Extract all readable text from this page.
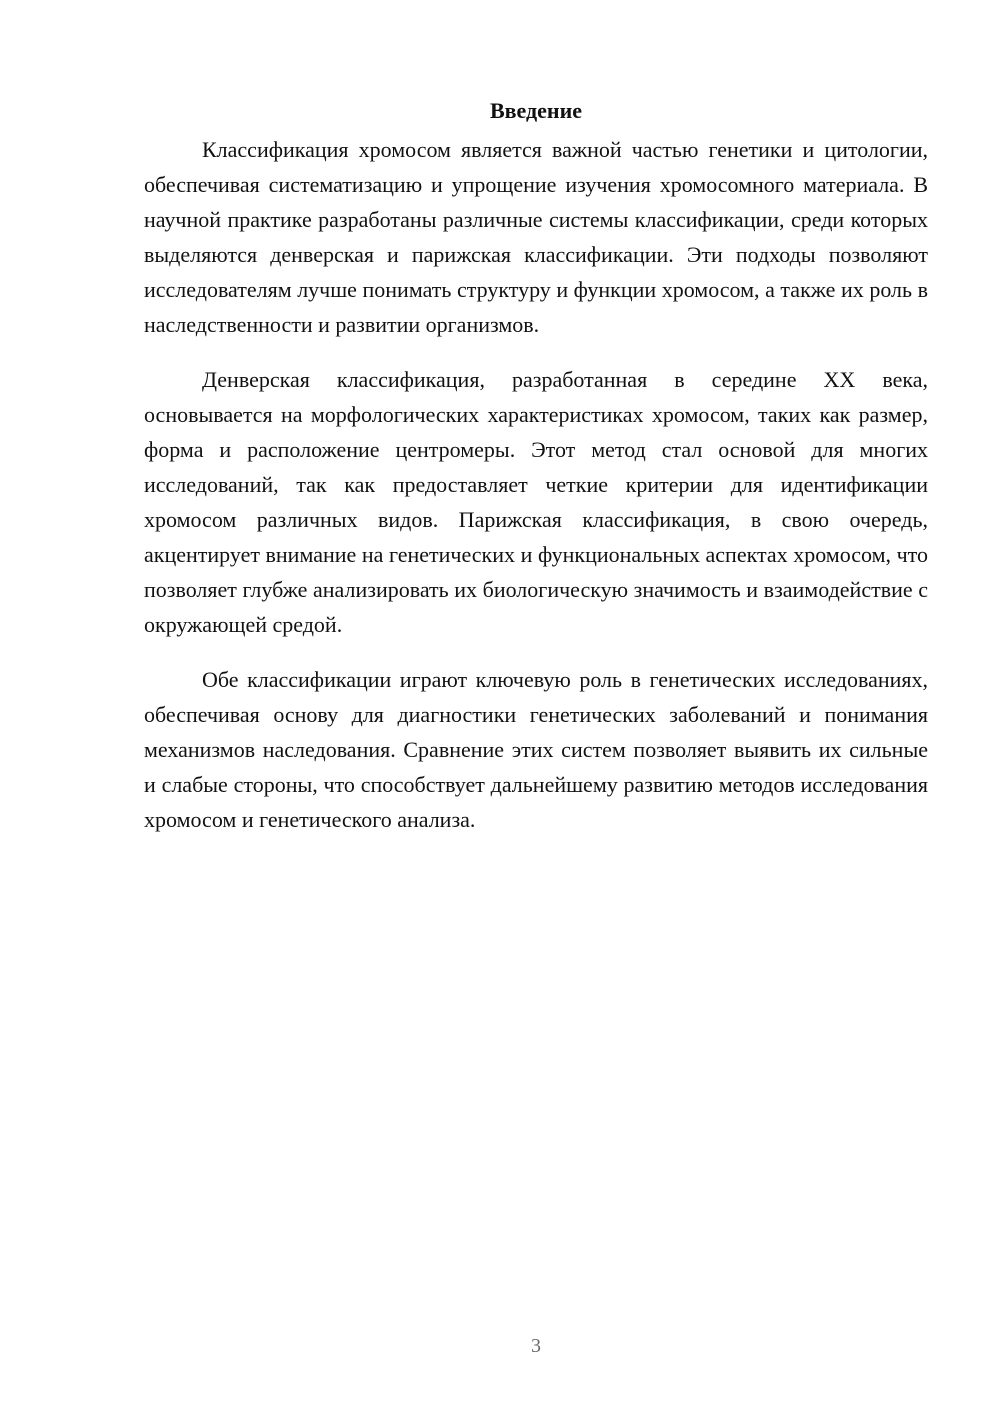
Введение

Классификация хромосом является важной частью генетики и цитологии, обеспечивая систематизацию и упрощение изучения хромосомного материала. В научной практике разработаны различные системы классификации, среди которых выделяются денверская и парижская классификации. Эти подходы позволяют исследователям лучше понимать структуру и функции хромосом, а также их роль в наследственности и развитии организмов.

Денверская классификация, разработанная в середине XX века, основывается на морфологических характеристиках хромосом, таких как размер, форма и расположение центромеры. Этот метод стал основой для многих исследований, так как предоставляет четкие критерии для идентификации хромосом различных видов. Парижская классификация, в свою очередь, акцентирует внимание на генетических и функциональных аспектах хромосом, что позволяет глубже анализировать их биологическую значимость и взаимодействие с окружающей средой.

Обе классификации играют ключевую роль в генетических исследованиях, обеспечивая основу для диагностики генетических заболеваний и понимания механизмов наследования. Сравнение этих систем позволяет выявить их сильные и слабые стороны, что способствует дальнейшему развитию методов исследования хромосом и генетического анализа.

3
